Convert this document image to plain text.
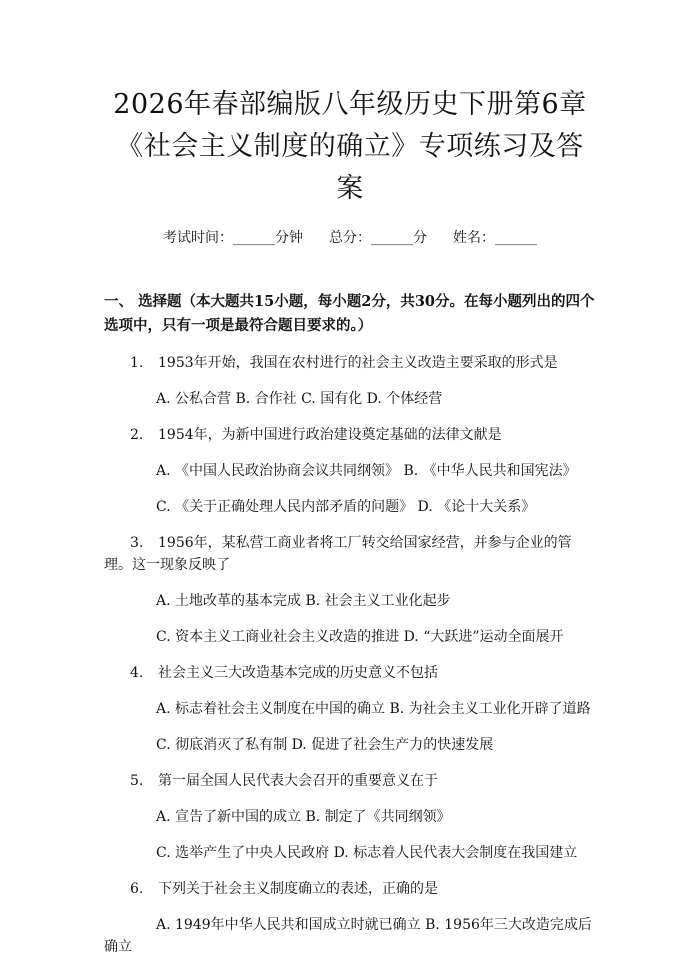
2026年春部编版八年级历史下册第6章《社会主义制度的确立》专项练习及答案
考试时间：______分钟 总分：______分 姓名：______
一、 选择题（本大题共15小题，每小题2分，共30分。在每小题列出的四个选项中，只有一项是最符合题目要求的。）

1. 1953年开始，我国在农村进行的社会主义改造主要采取的形式是

A. 公私合营 B. 合作社 C. 国有化 D. 个体经营

2. 1954年，为新中国进行政治建设奠定基础的法律文献是

A. 《中国人民政治协商会议共同纲领》 B. 《中华人民共和国宪法》

C. 《关于正确处理人民内部矛盾的问题》 D. 《论十大关系》

3. 1956年，某私营工商业者将工厂转交给国家经营，并参与企业的管理。这一现象反映了

A. 土地改革的基本完成 B. 社会主义工业化起步

C. 资本主义工商业社会主义改造的推进 D. “大跃进”运动全面展开

4. 社会主义三大改造基本完成的历史意义不包括

A. 标志着社会主义制度在中国的确立 B. 为社会主义工业化开辟了道路

C. 彻底消灭了私有制 D. 促进了社会生产力的快速发展

5. 第一届全国人民代表大会召开的重要意义在于

A. 宣告了新中国的成立 B. 制定了《共同纲领》

C. 选举产生了中央人民政府 D. 标志着人民代表大会制度在我国建立

6. 下列关于社会主义制度确立的表述，正确的是

A. 1949年中华人民共和国成立时就已确立 B. 1956年三大改造完成后确立
